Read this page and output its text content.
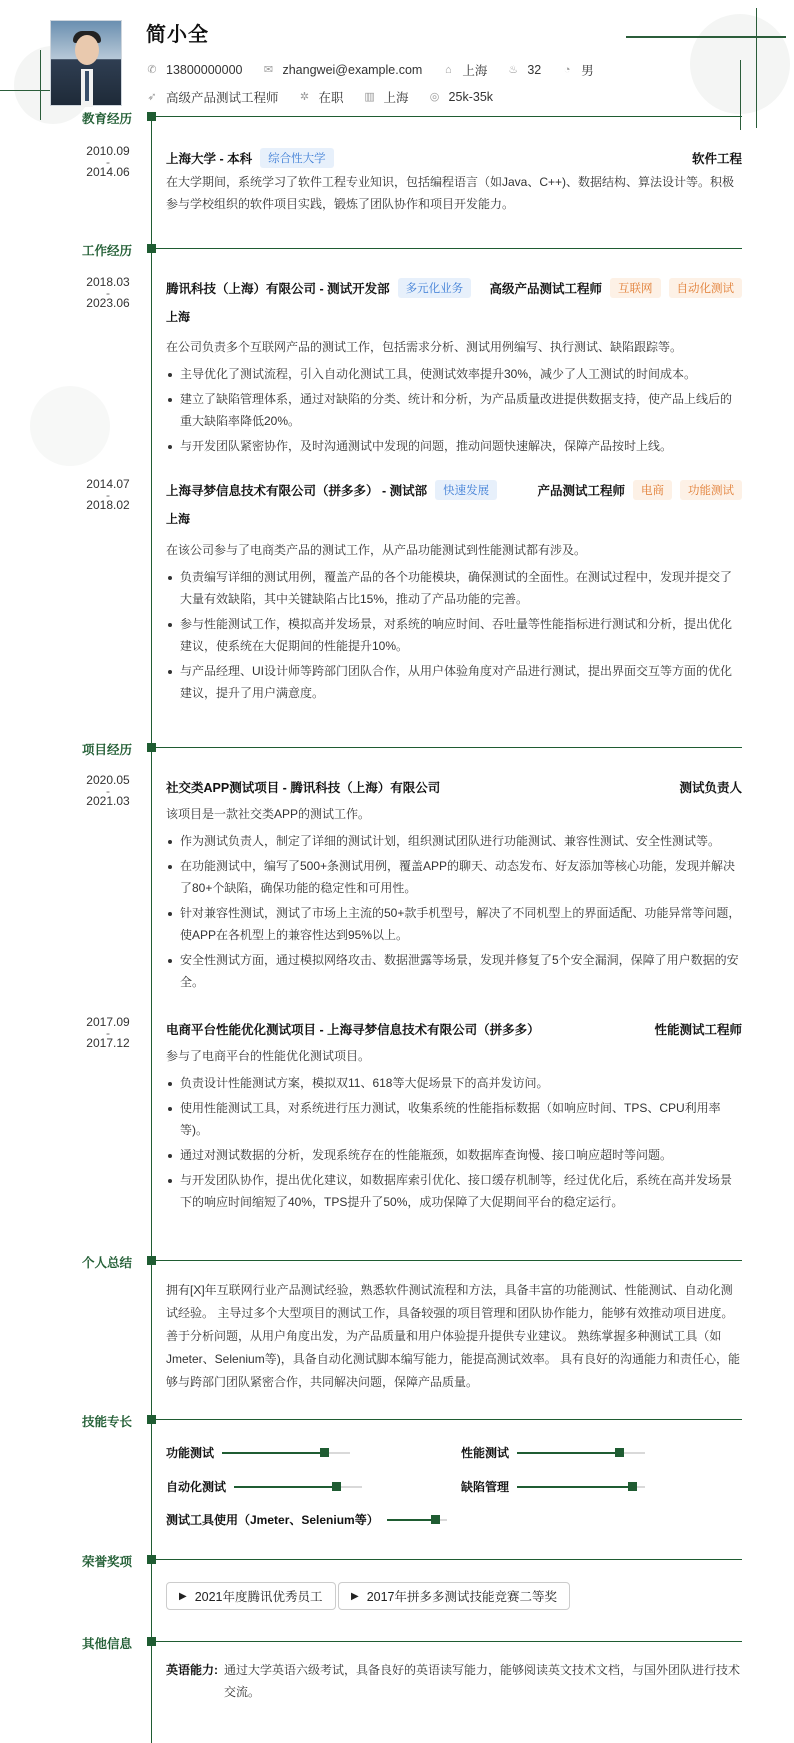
简小全
✆ 13800000000 ✉ zhangwei@example.com ⌂ 上海 ♨ 32 ◔ 男
➶ 高级产品测试工程师 ✲ 在职 ▥ 上海 ◎ 25k-35k
教育经历
2010.09
-
2014.06
上海大学 - 本科	综合性大学	软件工程
在大学期间，系统学习了软件工程专业知识，包括编程语言（如Java、C++)、数据结构、算法设计等。积极参与学校组织的软件项目实践，锻炼了团队协作和项目开发能力。
工作经历
2018.03
-
2023.06
腾讯科技（上海）有限公司 - 测试开发部	多元化业务	高级产品测试工程师	互联网	自动化测试
上海
在公司负责多个互联网产品的测试工作，包括需求分析、测试用例编写、执行测试、缺陷跟踪等。
主导优化了测试流程，引入自动化测试工具，使测试效率提升30%，减少了人工测试的时间成本。
建立了缺陷管理体系，通过对缺陷的分类、统计和分析，为产品质量改进提供数据支持，使产品上线后的重大缺陷率降低20%。
与开发团队紧密协作，及时沟通测试中发现的问题，推动问题快速解决，保障产品按时上线。
2014.07
-
2018.02
上海寻梦信息技术有限公司（拼多多） - 测试部	快速发展	产品测试工程师	电商	功能测试
上海
在该公司参与了电商类产品的测试工作，从产品功能测试到性能测试都有涉及。
负责编写详细的测试用例，覆盖产品的各个功能模块，确保测试的全面性。在测试过程中，发现并提交了大量有效缺陷，其中关键缺陷占比15%，推动了产品功能的完善。
参与性能测试工作，模拟高并发场景，对系统的响应时间、吞吐量等性能指标进行测试和分析，提出优化建议，使系统在大促期间的性能提升10%。
与产品经理、UI设计师等跨部门团队合作，从用户体验角度对产品进行测试，提出界面交互等方面的优化建议，提升了用户满意度。
项目经历
2020.05
-
2021.03
社交类APP测试项目 - 腾讯科技（上海）有限公司	测试负责人
该项目是一款社交类APP的测试工作。
作为测试负责人，制定了详细的测试计划，组织测试团队进行功能测试、兼容性测试、安全性测试等。
在功能测试中，编写了500+条测试用例，覆盖APP的聊天、动态发布、好友添加等核心功能，发现并解决了80+个缺陷，确保功能的稳定性和可用性。
针对兼容性测试，测试了市场上主流的50+款手机型号，解决了不同机型上的界面适配、功能异常等问题，使APP在各机型上的兼容性达到95%以上。
安全性测试方面，通过模拟网络攻击、数据泄露等场景，发现并修复了5个安全漏洞，保障了用户数据的安全。
2017.09
-
2017.12
电商平台性能优化测试项目 - 上海寻梦信息技术有限公司（拼多多）	性能测试工程师
参与了电商平台的性能优化测试项目。
负责设计性能测试方案，模拟双11、618等大促场景下的高并发访问。
使用性能测试工具，对系统进行压力测试，收集系统的性能指标数据（如响应时间、TPS、CPU利用率等)。
通过对测试数据的分析，发现系统存在的性能瓶颈，如数据库查询慢、接口响应超时等问题。
与开发团队协作，提出优化建议，如数据库索引优化、接口缓存机制等，经过优化后，系统在高并发场景下的响应时间缩短了40%，TPS提升了50%，成功保障了大促期间平台的稳定运行。
个人总结
拥有[X]年互联网行业产品测试经验，熟悉软件测试流程和方法，具备丰富的功能测试、性能测试、自动化测试经验。 主导过多个大型项目的测试工作，具备较强的项目管理和团队协作能力，能够有效推动项目进度。 善于分析问题，从用户角度出发，为产品质量和用户体验提升提供专业建议。 熟练掌握多种测试工具（如Jmeter、Selenium等)，具备自动化测试脚本编写能力，能提高测试效率。 具有良好的沟通能力和责任心，能够与跨部门团队紧密合作，共同解决问题，保障产品质量。
技能专长
功能测试	性能测试
自动化测试	缺陷管理
测试工具使用（Jmeter、Selenium等）
荣誉奖项
▶ 2021年度腾讯优秀员工	▶ 2017年拼多多测试技能竞赛二等奖
其他信息
英语能力: 通过大学英语六级考试，具备良好的英语读写能力，能够阅读英文技术文档，与国外团队进行技术交流。
